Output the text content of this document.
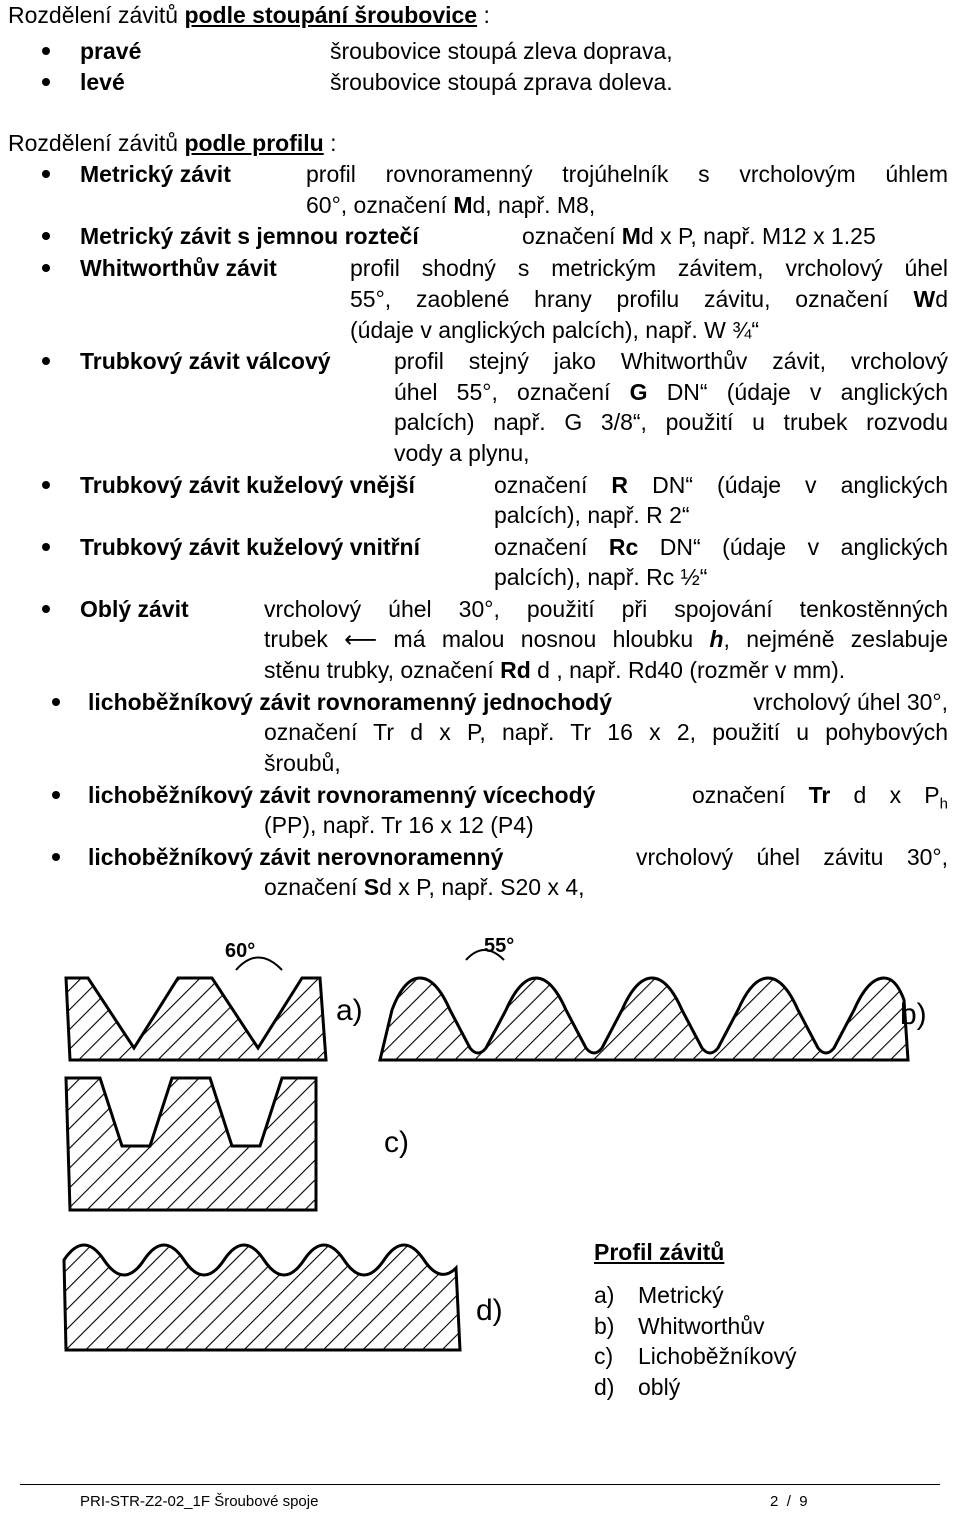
Rozdělení závitů podle stoupání šroubovice :
pravé	šroubovice stoupá zleva doprava,
levé	šroubovice stoupá zprava doleva.
Rozdělení závitů podle profilu :
Metrický závit	profil rovnoramenný trojúhelník s vrcholovým úhlem
60°, označení Md, např. M8,
Metrický závit s jemnou roztečí	označení Md x P, např. M12 x 1.25
Whitworthův závit	profil shodný s metrickým závitem, vrcholový úhel
55°, zaoblené hrany profilu závitu, označení Wd
(údaje v anglických palcích), např. W ¾“
Trubkový závit válcový	profil stejný jako Whitworthův závit, vrcholový
úhel 55°, označení G DN“ (údaje v anglických
palcích) např. G 3/8“, použití u trubek rozvodu
vody a plynu,
Trubkový závit kuželový vnější	označení R DN“ (údaje v anglických
palcích), např. R 2“
Trubkový závit kuželový vnitřní	označení Rc DN“ (údaje v anglických
palcích), např. Rc ½“
Oblý závit	vrcholový úhel 30°, použití při spojování tenkostěnných
trubek ⟵ má malou nosnou hloubku h, nejméně zeslabuje
stěnu trubky, označení Rd d , např. Rd40 (rozměr v mm).
lichoběžníkový závit rovnoramenný jednochodý	vrcholový úhel 30°,
označení Tr d x P, např. Tr 16 x 2, použití u pohybových
šroubů,
lichoběžníkový závit rovnoramenný vícechodý	označení Tr d x $P_h$
(PP), např. Tr 16 x 12 (P4)
lichoběžníkový závit nerovnoramenný	vrcholový úhel závitu 30°,
označení Sd x P, např. S20 x 4,
60°
a)
55°
b)
c)
d)
Profil závitů
a) Metrický
b) Whitworthův
c) Lichoběžníkový
d) oblý
PRI-STR-Z2-02_1F Šroubové spoje	2 / 9
